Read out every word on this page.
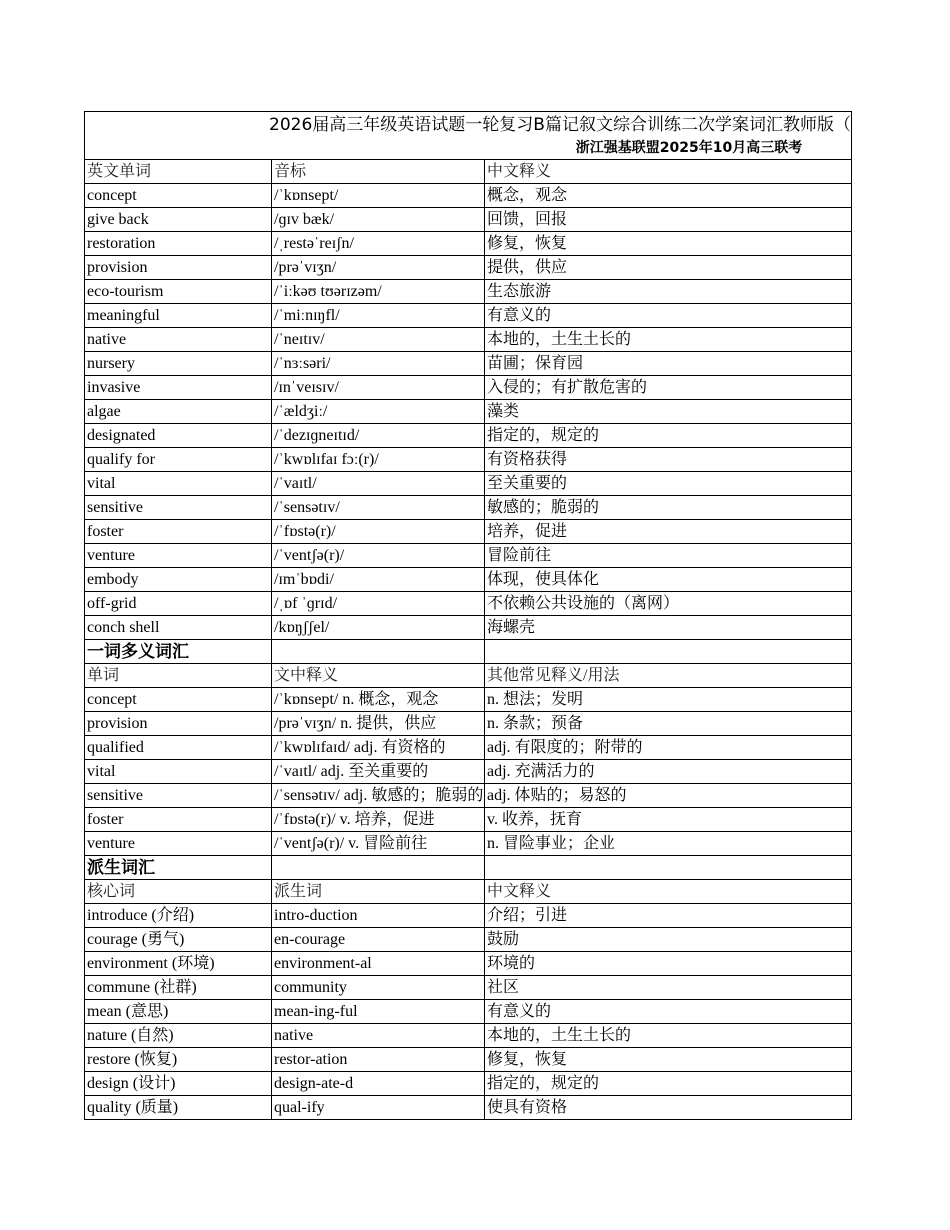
2026届高三年级英语试题一轮复习B篇记叙文综合训练二次学案词汇教师版（		
浙江强基联盟2025年10月高三联考		
英文单词	音标	中文释义
concept	/ˈkɒnsept/	概念，观念
give back	/ɡɪv bæk/	回馈，回报
restoration	/ˌrestəˈreɪʃn/	修复，恢复
provision	/prəˈvɪʒn/	提供，供应
eco-tourism	/ˈiːkəʊ tʊərɪzəm/	生态旅游
meaningful	/ˈmiːnɪŋfl/	有意义的
native	/ˈneɪtɪv/	本地的，土生土长的
nursery	/ˈnɜːsəri/	苗圃；保育园
invasive	/ɪnˈveɪsɪv/	入侵的；有扩散危害的
algae	/ˈældʒiː/	藻类
designated	/ˈdezɪɡneɪtɪd/	指定的，规定的
qualify for	/ˈkwɒlɪfaɪ fɔː(r)/	有资格获得
vital	/ˈvaɪtl/	至关重要的
sensitive	/ˈsensətɪv/	敏感的；脆弱的
foster	/ˈfɒstə(r)/	培养，促进
venture	/ˈventʃə(r)/	冒险前往
embody	/ɪmˈbɒdi/	体现，使具体化
off-grid	/ˌɒf ˈɡrɪd/	不依赖公共设施的（离网）
conch shell	/kɒŋʃʃel/	海螺壳
一词多义词汇		
单词	文中释义	其他常见释义/用法
concept	/ˈkɒnsept/ n. 概念，观念	n. 想法；发明
provision	/prəˈvɪʒn/ n. 提供，供应	n. 条款；预备
qualified	/ˈkwɒlɪfaɪd/ adj. 有资格的	adj. 有限度的；附带的
vital	/ˈvaɪtl/ adj. 至关重要的	adj. 充满活力的
sensitive	/ˈsensətɪv/ adj. 敏感的；脆弱的	adj. 体贴的；易怒的
foster	/ˈfɒstə(r)/ v. 培养，促进	v. 收养，抚育
venture	/ˈventʃə(r)/ v. 冒险前往	n. 冒险事业；企业
派生词汇		
核心词	派生词	中文释义
introduce (介绍)	intro-duction	介绍；引进
courage (勇气)	en-courage	鼓励
environment (环境)	environment-al	环境的
commune (社群)	community	社区
mean (意思)	mean-ing-ful	有意义的
nature (自然)	native	本地的，土生土长的
restore (恢复)	restor-ation	修复，恢复
design (设计)	design-ate-d	指定的，规定的
quality (质量)	qual-ify	使具有资格
